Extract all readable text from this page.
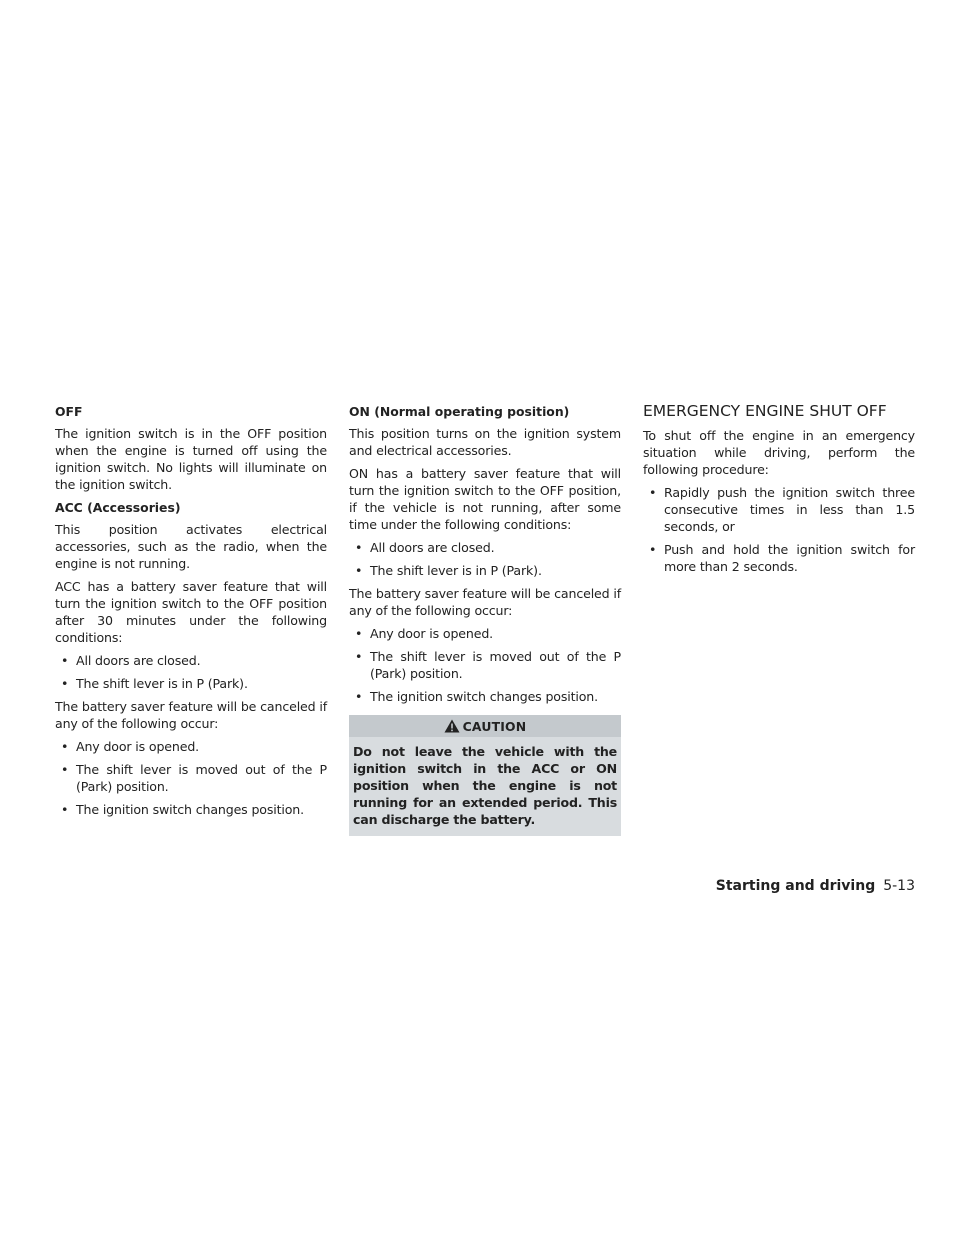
OFF

The ignition switch is in the OFF position when the engine is turned off using the ignition switch. No lights will illuminate on the ignition switch.

ACC (Accessories)

This position activates electrical accessories, such as the radio, when the engine is not running.

ACC has a battery saver feature that will turn the ignition switch to the OFF position after 30 minutes under the following conditions:

• All doors are closed.
• The shift lever is in P (Park).

The battery saver feature will be canceled if any of the following occur:

• Any door is opened.
• The shift lever is moved out of the P (Park) position.
• The ignition switch changes position.
ON (Normal operating position)

This position turns on the ignition system and electrical accessories.

ON has a battery saver feature that will turn the ignition switch to the OFF position, if the vehicle is not running, after some time under the following conditions:

• All doors are closed.
• The shift lever is in P (Park).

The battery saver feature will be canceled if any of the following occur:

• Any door is opened.
• The shift lever is moved out of the P (Park) position.
• The ignition switch changes position.
CAUTION
Do not leave the vehicle with the ignition switch in the ACC or ON position when the engine is not running for an extended period. This can discharge the battery.
EMERGENCY ENGINE SHUT OFF

To shut off the engine in an emergency situation while driving, perform the following procedure:

• Rapidly push the ignition switch three consecutive times in less than 1.5 seconds, or
• Push and hold the ignition switch for more than 2 seconds.
Starting and driving 5-13
